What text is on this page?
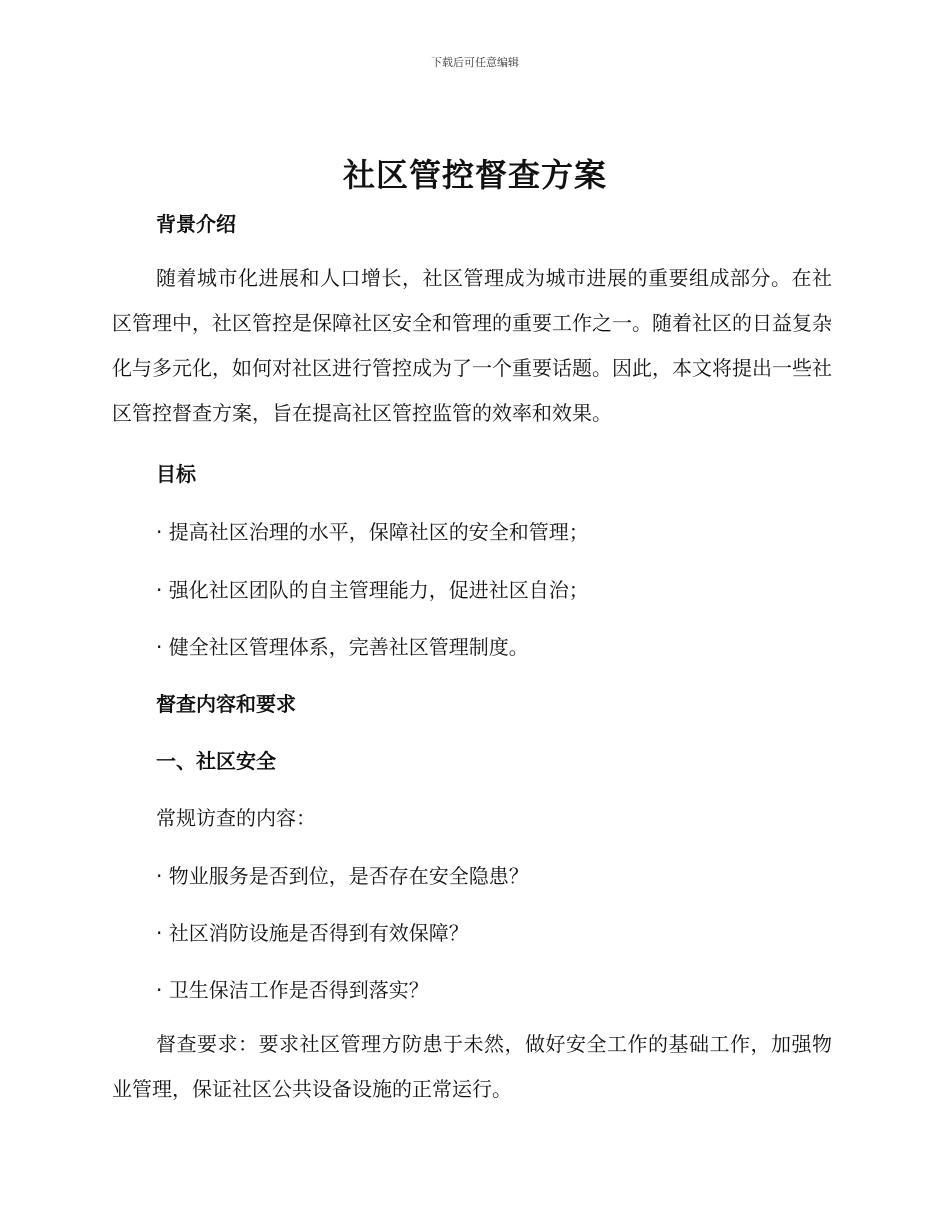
下载后可任意编辑
社区管控督查方案
背景介绍
随着城市化进展和人口增长，社区管理成为城市进展的重要组成部分。在社区管理中，社区管控是保障社区安全和管理的重要工作之一。随着社区的日益复杂化与多元化，如何对社区进行管控成为了一个重要话题。因此，本文将提出一些社区管控督查方案，旨在提高社区管控监管的效率和效果。
目标
· 提高社区治理的水平，保障社区的安全和管理；
· 强化社区团队的自主管理能力，促进社区自治；
· 健全社区管理体系，完善社区管理制度。
督查内容和要求
一、社区安全
常规访查的内容：
· 物业服务是否到位，是否存在安全隐患？
· 社区消防设施是否得到有效保障？
· 卫生保洁工作是否得到落实？
督查要求：要求社区管理方防患于未然，做好安全工作的基础工作，加强物业管理，保证社区公共设备设施的正常运行。
